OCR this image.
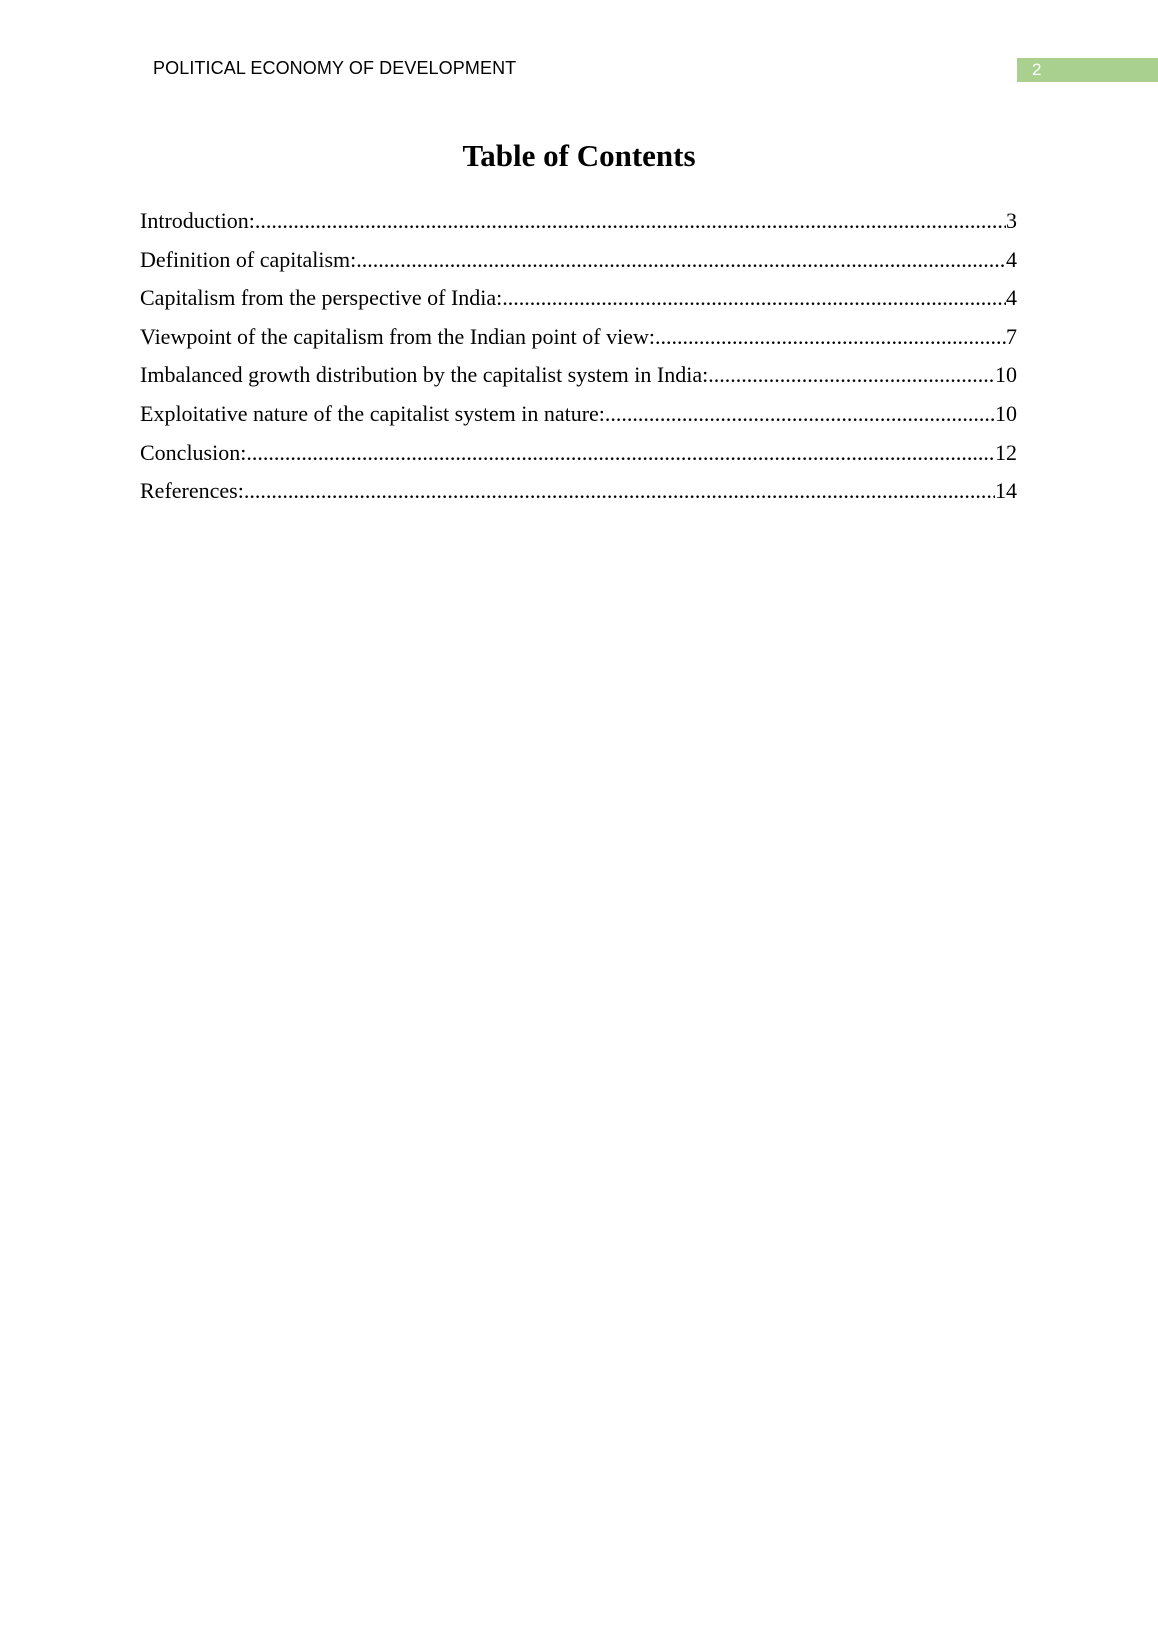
POLITICAL ECONOMY OF DEVELOPMENT	2
Table of Contents
Introduction: .....	3
Definition of capitalism: .....	4
Capitalism from the perspective of India: .....	4
Viewpoint of the capitalism from the Indian point of view: .....	7
Imbalanced growth distribution by the capitalist system in India: .....	10
Exploitative nature of the capitalist system in nature: .....	10
Conclusion: .....	12
References: .....	14
